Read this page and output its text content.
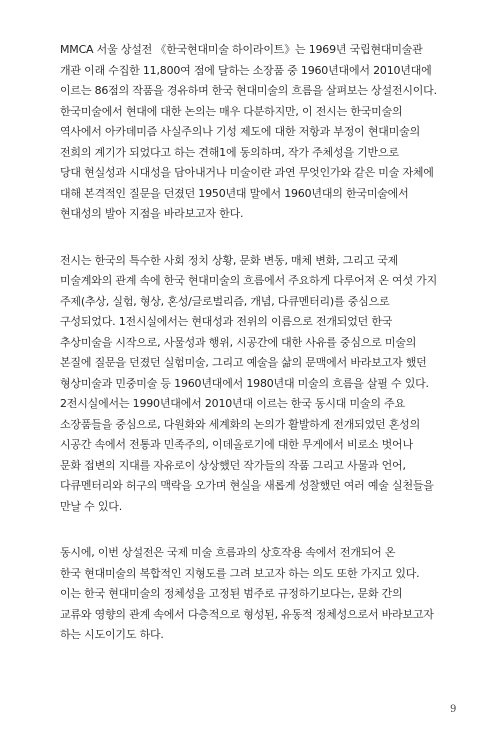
MMCA 서울 상설전 《한국현대미술 하이라이트》는 1969년 국립현대미술관
개관 이래 수집한 11,800여 점에 달하는 소장품 중 1960년대에서 2010년대에
이르는 86점의 작품을 경유하며 한국 현대미술의 흐름을 살펴보는 상설전시이다.
한국미술에서 현대에 대한 논의는 매우 다분하지만, 이 전시는 한국미술의
역사에서 아카데미즘 사실주의나 기성 제도에 대한 저항과 부정이 현대미술의
전희의 계기가 되었다고 하는 견해1에 동의하며, 작가 주체성을 기반으로
당대 현실성과 시대성을 담아내거나 미술이란 과연 무엇인가와 같은 미술 자체에
대해 본격적인 질문을 던졌던 1950년대 말에서 1960년대의 한국미술에서
현대성의 발아 지점을 바라보고자 한다.

전시는 한국의 특수한 사회 정치 상황, 문화 변동, 매체 변화, 그리고 국제
미술계와의 관계 속에 한국 현대미술의 흐름에서 주요하게 다루어져 온 여섯 가지
주제(추상, 실험, 형상, 혼성/글로벌리즘, 개념, 다큐멘터리)를 중심으로
구성되었다. 1전시실에서는 현대성과 전위의 이름으로 전개되었던 한국
추상미술을 시작으로, 사물성과 행위, 시공간에 대한 사유를 중심으로 미술의
본질에 질문을 던졌던 실험미술, 그리고 예술을 삶의 문맥에서 바라보고자 했던
형상미술과 민중미술 등 1960년대에서 1980년대 미술의 흐름을 살필 수 있다.
2전시실에서는 1990년대에서 2010년대 이르는 한국 동시대 미술의 주요
소장품들을 중심으로, 다원화와 세계화의 논의가 활발하게 전개되었던 혼성의
시공간 속에서 전통과 민족주의, 이데올로기에 대한 무게에서 비로소 벗어나
문화 접변의 지대를 자유로이 상상했던 작가들의 작품 그리고 사물과 언어,
다큐멘터리와 허구의 맥락을 오가며 현실을 새롭게 성찰했던 여러 예술 실천들을
만날 수 있다.

동시에, 이번 상설전은 국제 미술 흐름과의 상호작용 속에서 전개되어 온
한국 현대미술의 복합적인 지형도를 그려 보고자 하는 의도 또한 가지고 있다.
이는 한국 현대미술의 정체성을 고정된 범주로 규정하기보다는, 문화 간의
교류와 영향의 관계 속에서 다층적으로 형성된, 유동적 정체성으로서 바라보고자
하는 시도이기도 하다.

9
